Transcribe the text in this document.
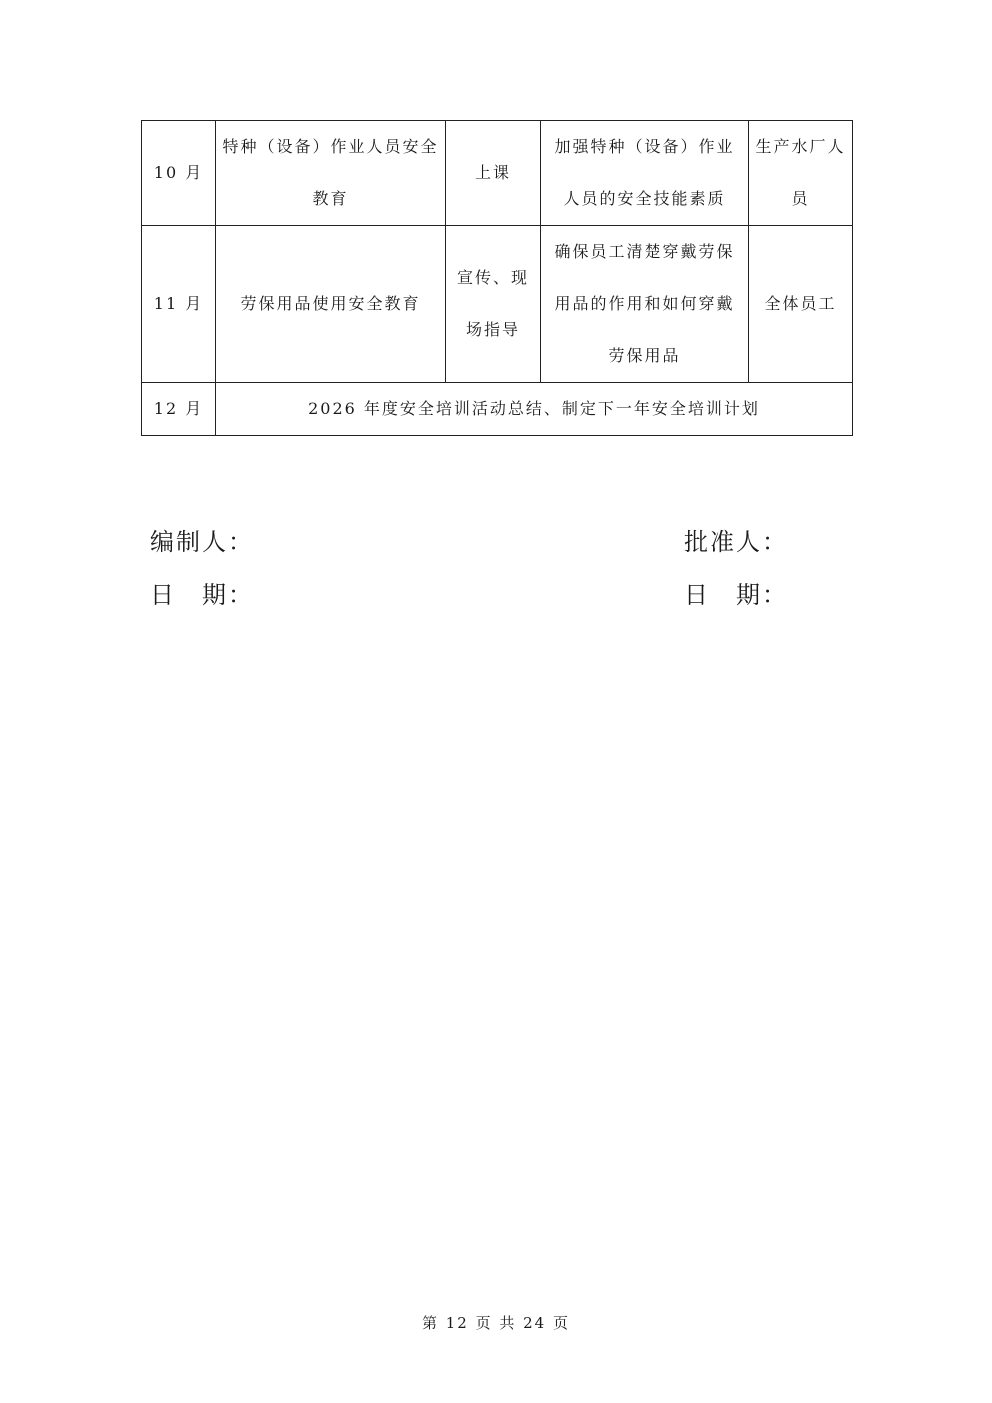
10 月	特种（设备）作业人员安全教育	上课	加强特种（设备）作业人员的安全技能素质	生产水厂人员
11 月	劳保用品使用安全教育	宣传、现场指导	确保员工清楚穿戴劳保用品的作用和如何穿戴劳保用品	全体员工
12 月	2026 年度安全培训活动总结、制定下一年安全培训计划			
编制人：	批准人：
日　期：	日　期：
第 12 页 共 24 页
